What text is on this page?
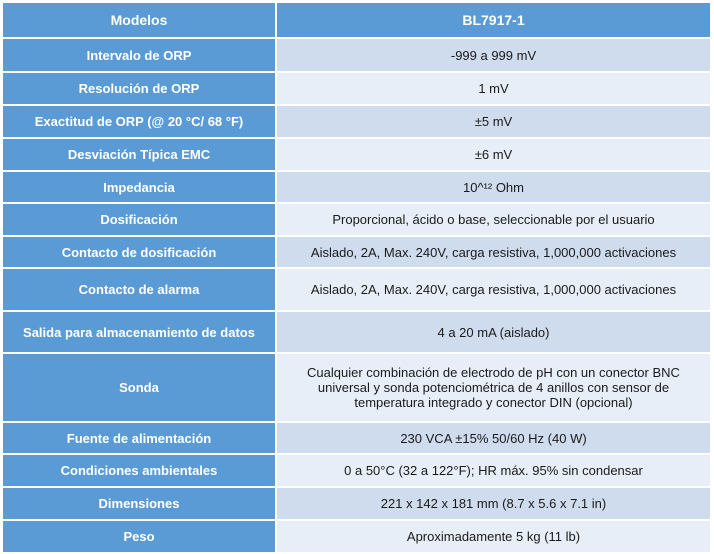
Modelos	BL7917-1
Intervalo de ORP	-999 a 999 mV
Resolución de ORP	1 mV
Exactitud de ORP (@ 20 °C/ 68 °F)	±5 mV
Desviación Típica EMC	±6 mV
Impedancia	10^¹² Ohm
Dosificación	Proporcional, ácido o base, seleccionable por el usuario
Contacto de dosificación	Aislado, 2A, Max. 240V, carga resistiva, 1,000,000 activaciones
Contacto de alarma	Aislado, 2A, Max. 240V, carga resistiva, 1,000,000 activaciones
Salida para almacenamiento de datos	4 a 20 mA (aislado)
Sonda	Cualquier combinación de electrodo de pH con un conector BNC universal y sonda potenciométrica de 4 anillos con sensor de temperatura integrado y conector DIN (opcional)
Fuente de alimentación	230 VCA ±15% 50/60 Hz (40 W)
Condiciones ambientales	0 a 50°C (32 a 122°F); HR máx. 95% sin condensar
Dimensiones	221 x 142 x 181 mm (8.7 x 5.6 x 7.1 in)
Peso	Aproximadamente 5 kg (11 lb)
